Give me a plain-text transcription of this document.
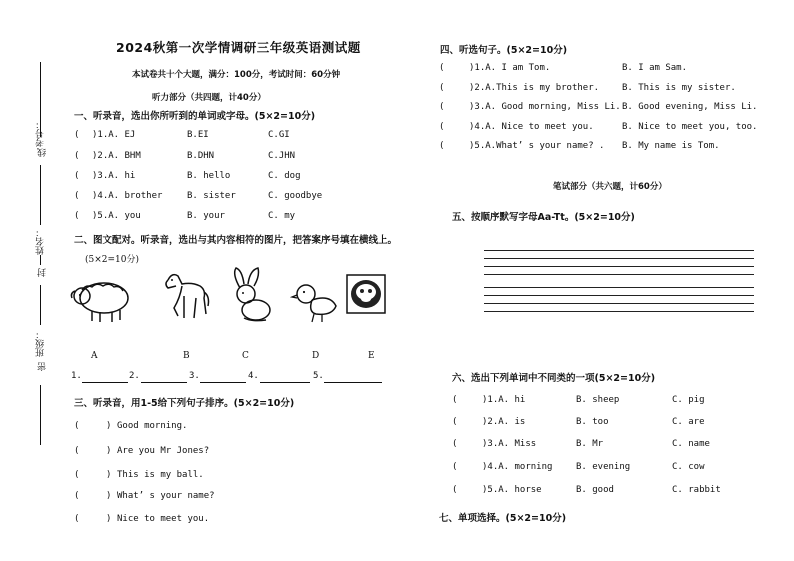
考号：
线
姓名：
封
班级：
密
2024秋第一次学情调研三年级英语测试题
本试卷共十个大题，满分：100分，考试时间：60分钟
听力部分（共四题，计40分）
一、听录音，选出你所听到的单词或字母。(5×2=10分)
( )1.A. EJ	B.EI	C.GI
( )2.A. BHM	B.DHN	C.JHN
( )3.A. hi	B. hello	C. dog
( )4.A. brother	B. sister	C. goodbye
( )5.A. you	B. your	C. my
二、图文配对。听录音，选出与其内容相符的图片，把答案序号填在横线上。
(5×2=10分)
A	B	C	D	E
1.	2.	3.	4.	5.
三、听录音，用1-5给下列句子排序。(5×2=10分)
(	) Good morning.
(	) Are you Mr Jones?
(	) This is my ball.
(	) What’ s your name?
(	) Nice to meet you.
四、听选句子。(5×2=10分)
(	)1.A. I am Tom.	B. I am Sam.
(	)2.A.This is my brother.	B. This is my sister.
(	)3.A. Good morning, Miss Li. B. Good evening, Miss Li.
(	)4.A. Nice to meet you.	B. Nice to meet you, too.
(	)5.A.What’ s your name? . B. My name is Tom.
笔试部分（共六题，计60分）
五、按顺序默写字母Aa-Tt。(5×2=10分)
六、选出下列单词中不同类的一项(5×2=10分)
(	)1.A. hi	B. sheep	C. pig
(	)2.A. is	B. too	C. are
(	)3.A. Miss	B. Mr	C. name
(	)4.A. morning	B. evening	C. cow
(	)5.A. horse	B. good	C. rabbit
七、单项选择。(5×2=10分)
